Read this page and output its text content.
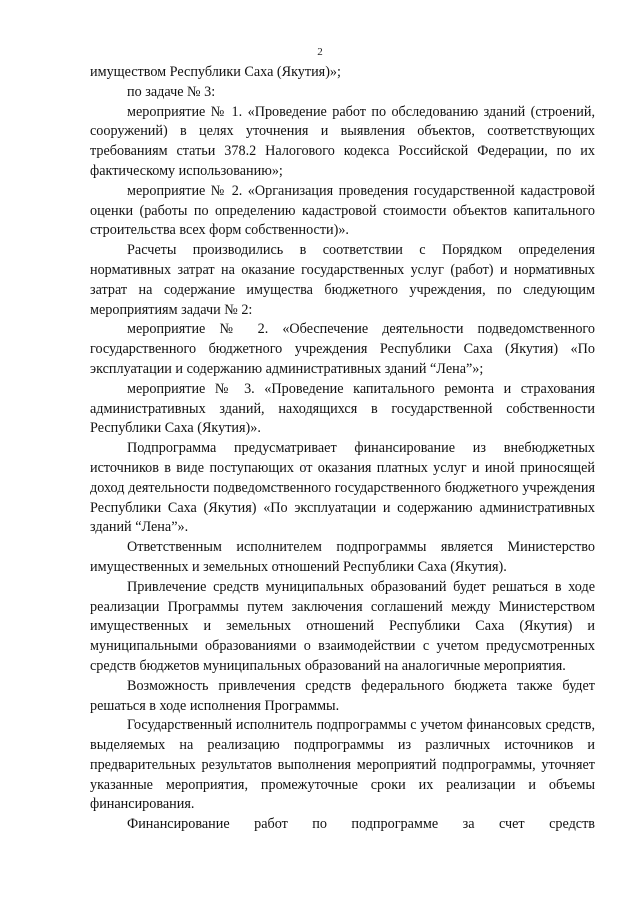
2

имуществом Республики Саха (Якутия)»;

по задаче № 3:

мероприятие № 1. «Проведение работ по обследованию зданий (строений, сооружений) в целях уточнения и выявления объектов, соответствующих требованиям статьи 378.2 Налогового кодекса Российской Федерации, по их фактическому использованию»;

мероприятие № 2. «Организация проведения государственной кадастровой оценки (работы по определению кадастровой стоимости объектов капитального строительства всех форм собственности)».

Расчеты производились в соответствии с Порядком определения нормативных затрат на оказание государственных услуг (работ) и нормативных затрат на содержание имущества бюджетного учреждения, по следующим мероприятиям задачи № 2:

мероприятие № 2. «Обеспечение деятельности подведомственного государственного бюджетного учреждения Республики Саха (Якутия) «По эксплуатации и содержанию административных зданий “Лена”»;

мероприятие № 3. «Проведение капитального ремонта и страхования административных зданий, находящихся в государственной собственности Республики Саха (Якутия)».

Подпрограмма предусматривает финансирование из внебюджетных источников в виде поступающих от оказания платных услуг и иной приносящей доход деятельности подведомственного государственного бюджетного учреждения Республики Саха (Якутия) «По эксплуатации и содержанию административных зданий “Лена”».

Ответственным исполнителем подпрограммы является Министерство имущественных и земельных отношений Республики Саха (Якутия).

Привлечение средств муниципальных образований будет решаться в ходе реализации Программы путем заключения соглашений между Министерством имущественных и земельных отношений Республики Саха (Якутия) и муниципальными образованиями о взаимодействии с учетом предусмотренных средств бюджетов муниципальных образований на аналогичные мероприятия.

Возможность привлечения средств федерального бюджета также будет решаться в ходе исполнения Программы.

Государственный исполнитель подпрограммы с учетом финансовых средств, выделяемых на реализацию подпрограммы из различных источников и предварительных результатов выполнения мероприятий подпрограммы, уточняет указанные мероприятия, промежуточные сроки их реализации и объемы финансирования.

Финансирование работ по подпрограмме за счет средств
